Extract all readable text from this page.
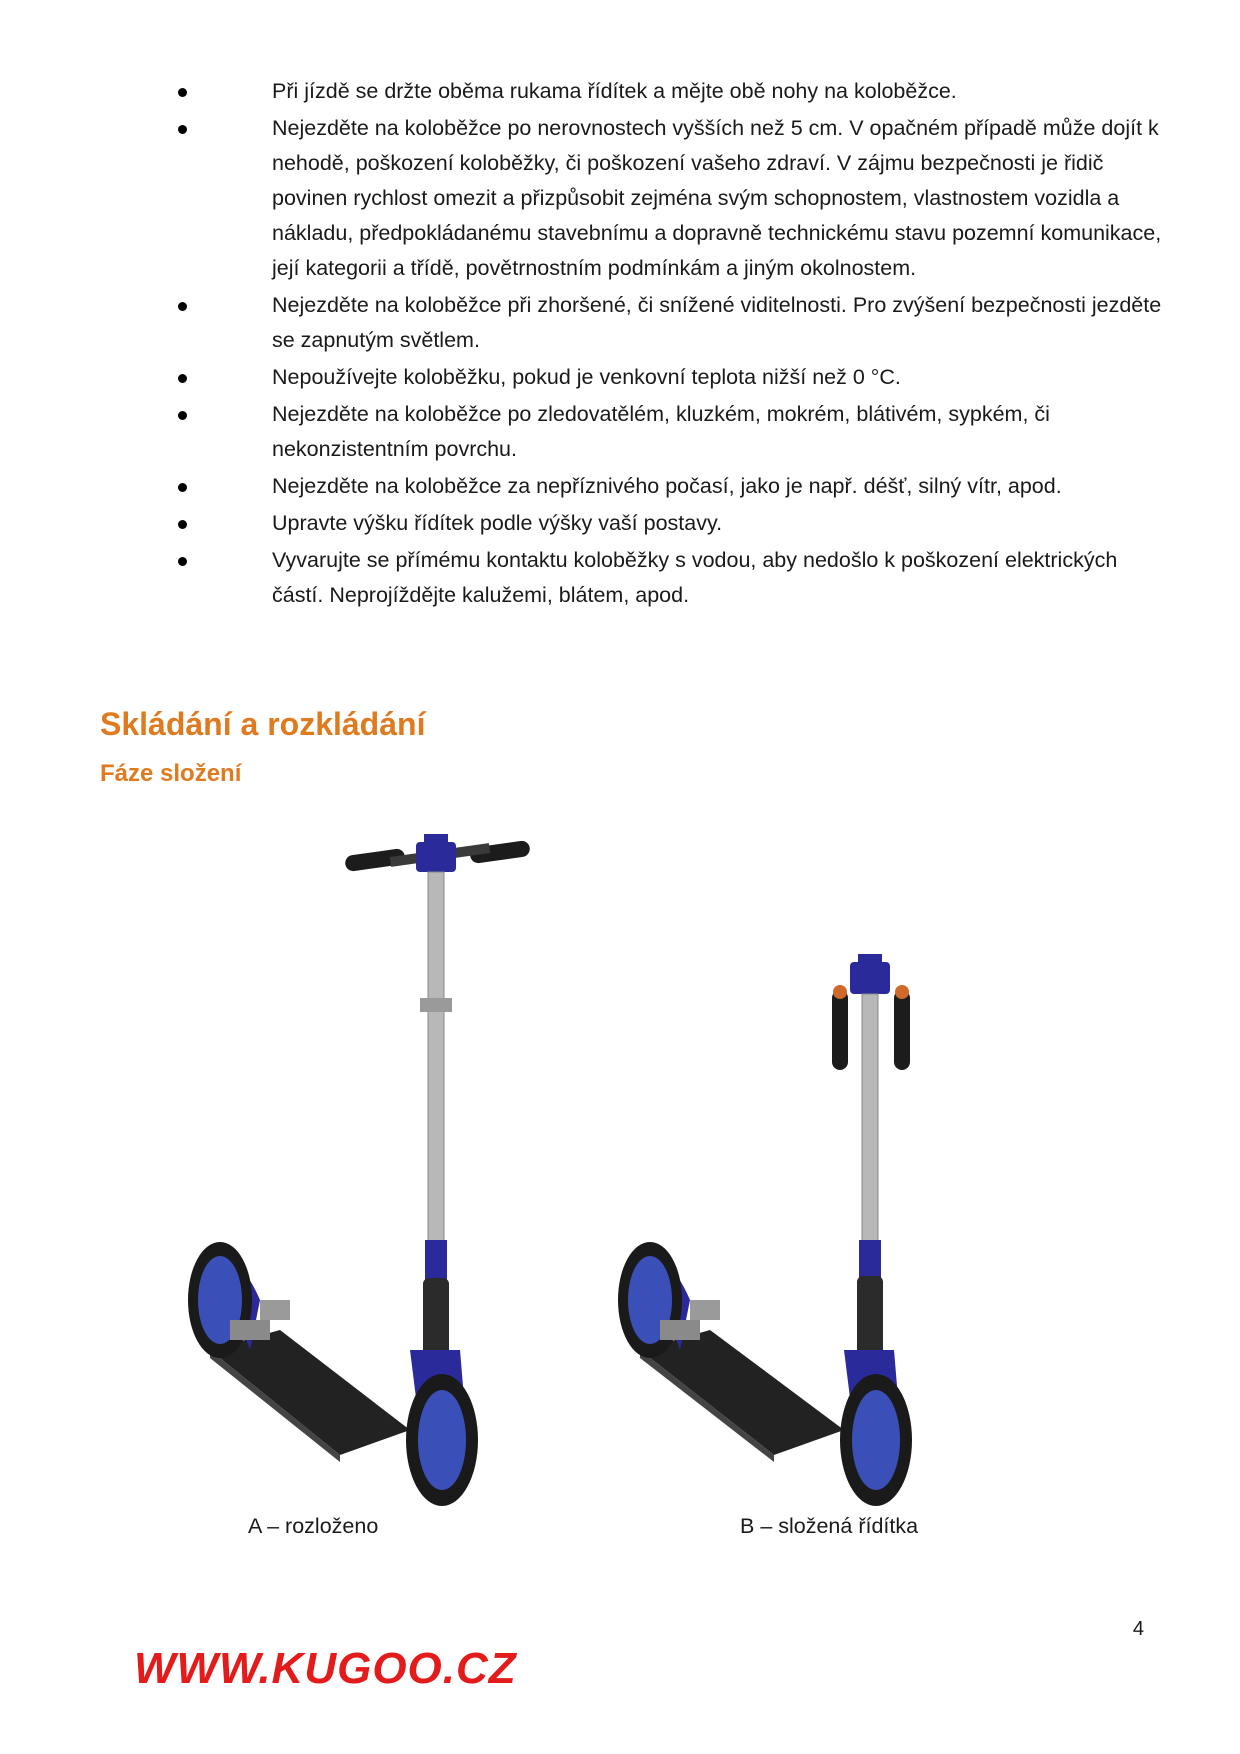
Při jízdě se držte oběma rukama řídítek a mějte obě nohy na koloběžce.
Nejezděte na koloběžce po nerovnostech vyšších než 5 cm. V opačném případě může dojít k nehodě, poškození koloběžky, či poškození vašeho zdraví. V zájmu bezpečnosti je řidič povinen rychlost omezit a přizpůsobit zejména svým schopnostem, vlastnostem vozidla a nákladu, předpokládanému stavebnímu a dopravně technickému stavu pozemní komunikace, její kategorii a třídě, povětrnostním podmínkám a jiným okolnostem.
Nejezděte na koloběžce při zhoršené, či snížené viditelnosti. Pro zvýšení bezpečnosti jezděte se zapnutým světlem.
Nepoužívejte koloběžku, pokud je venkovní teplota nižší než 0 °C.
Nejezděte na koloběžce po zledovatělém, kluzkém, mokrém, blátivém, sypkém, či nekonzistentním povrchu.
Nejezděte na koloběžce za nepříznivého počasí, jako je např. déšť, silný vítr, apod.
Upravte výšku řídítek podle výšky vaší postavy.
Vyvarujte se přímému kontaktu koloběžky s vodou, aby nedošlo k poškození elektrických částí. Neprojíždějte kalužemi, blátem, apod.
Skládání a rozkládání
Fáze složení
A – rozloženo	B – složená řídítka
4
WWW.KUGOO.CZ
